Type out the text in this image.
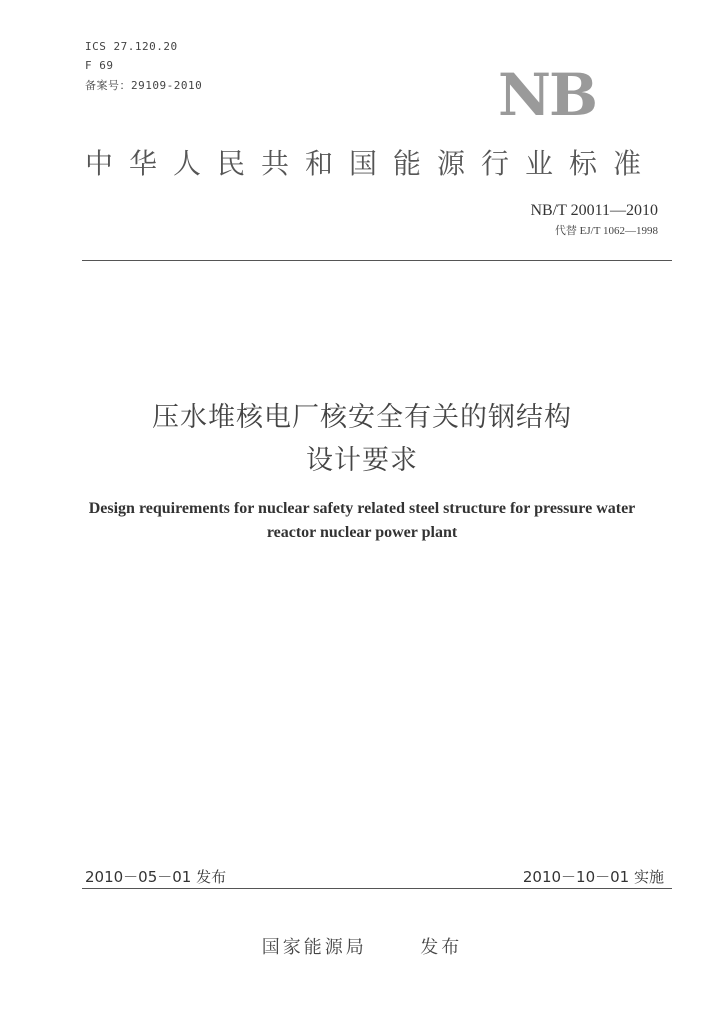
ICS 27.120.20
F 69
备案号：29109-2010	NB
中华人民共和国能源行业标准
NB/T 20011—2010
代替 EJ/T 1062—1998
压水堆核电厂核安全有关的钢结构
设计要求
Design requirements for nuclear safety related steel structure for pressure water
reactor nuclear power plant
2010－05－01 发布	2010－10－01 实施
国家能源局	发布
